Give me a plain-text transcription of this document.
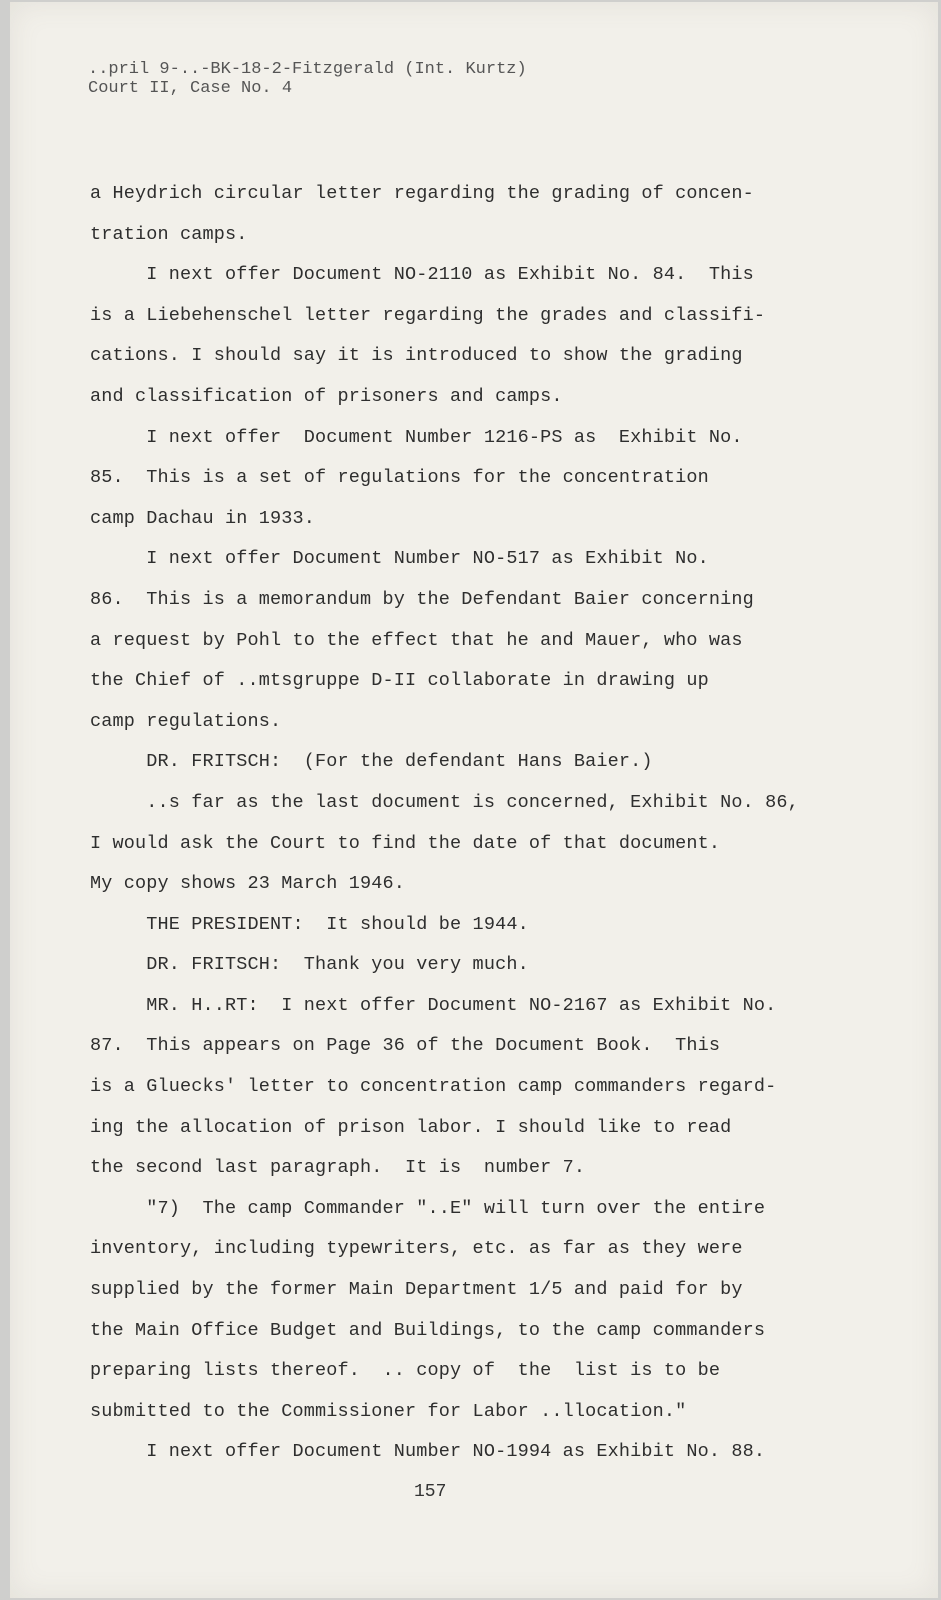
..pril 9-..-BK-18-2-Fitzgerald (Int. Kurtz)
Court II, Case No. 4
a Heydrich circular letter regarding the grading of concen-
tration camps.
I next offer Document NO-2110 as Exhibit No. 84.  This
is a Liebehenschel letter regarding the grades and classifi-
cations. I should say it is introduced to show the grading
and classification of prisoners and camps.
I next offer  Document Number 1216-PS as  Exhibit No.
85.  This is a set of regulations for the concentration
camp Dachau in 1933.
I next offer Document Number NO-517 as Exhibit No.
86.  This is a memorandum by the Defendant Baier concerning
a request by Pohl to the effect that he and Mauer, who was
the Chief of ..mtsgruppe D-II collaborate in drawing up
camp regulations.
DR. FRITSCH:  (For the defendant Hans Baier.)
..s far as the last document is concerned, Exhibit No. 86,
I would ask the Court to find the date of that document.
My copy shows 23 March 1946.
THE PRESIDENT:  It should be 1944.
DR. FRITSCH:  Thank you very much.
MR. H..RT:  I next offer Document NO-2167 as Exhibit No.
87.  This appears on Page 36 of the Document Book.  This
is a Gluecks' letter to concentration camp commanders regard-
ing the allocation of prison labor. I should like to read
the second last paragraph.  It is  number 7.
"7)  The camp Commander "..E" will turn over the entire
inventory, including typewriters, etc. as far as they were
supplied by the former Main Department 1/5 and paid for by
the Main Office Budget and Buildings, to the camp commanders
preparing lists thereof.  .. copy of  the  list is to be
submitted to the Commissioner for Labor ..llocation."
I next offer Document Number NO-1994 as Exhibit No. 88.
157
